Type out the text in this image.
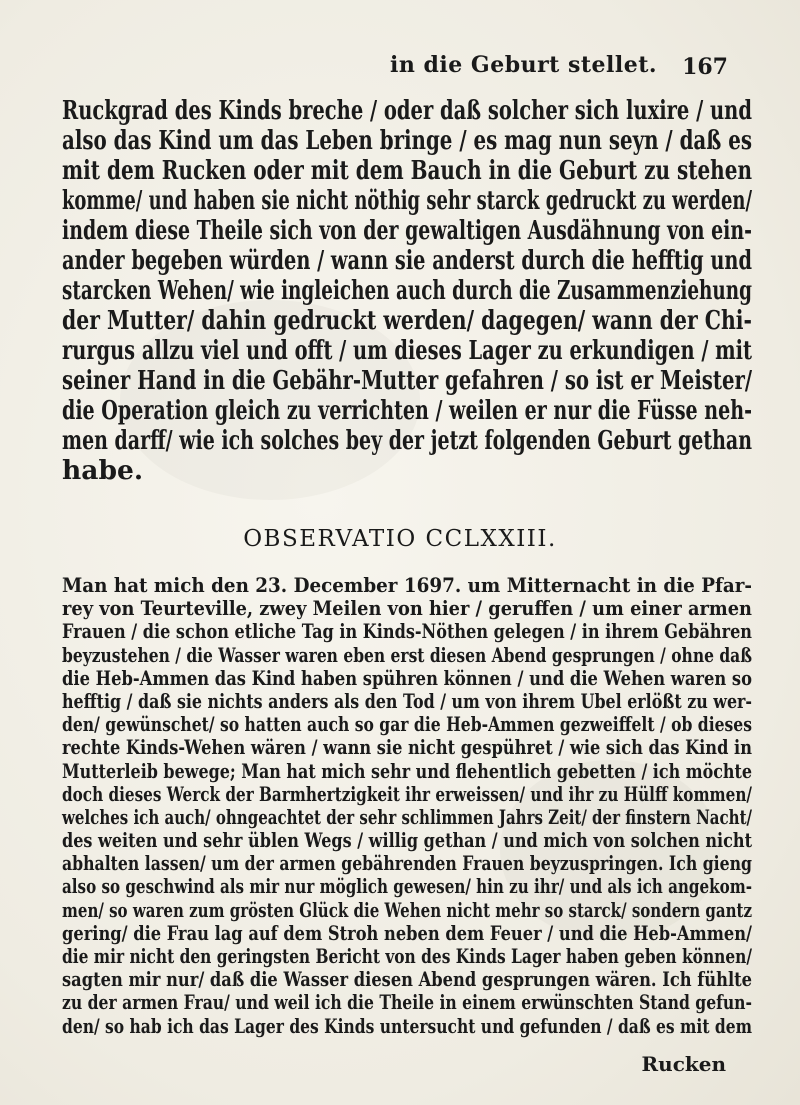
in die Geburt stellet. 167
Ruckgrad des Kinds breche / oder daß solcher sich luxire / und
also das Kind um das Leben bringe / es mag nun seyn / daß es
mit dem Rucken oder mit dem Bauch in die Geburt zu stehen
komme/ und haben sie nicht nöthig sehr starck gedruckt zu werden/
indem diese Theile sich von der gewaltigen Ausdähnung von ein-
ander begeben würden / wann sie anderst durch die hefftig und
starcken Wehen/ wie ingleichen auch durch die Zusammenziehung
der Mutter/ dahin gedruckt werden/ dagegen/ wann der Chi-
rurgus allzu viel und offt / um dieses Lager zu erkundigen / mit
seiner Hand in die Gebähr-Mutter gefahren / so ist er Meister/
die Operation gleich zu verrichten / weilen er nur die Füsse neh-
men darff/ wie ich solches bey der jetzt folgenden Geburt gethan
habe.
OBSERVATIO CCLXXIII.
Man hat mich den 23. December 1697. um Mitternacht in die Pfar-
rey von Teurteville, zwey Meilen von hier / geruffen / um einer armen
Frauen / die schon etliche Tag in Kinds-Nöthen gelegen / in ihrem Gebähren
beyzustehen / die Wasser waren eben erst diesen Abend gesprungen / ohne daß
die Heb-Ammen das Kind haben spühren können / und die Wehen waren so
hefftig / daß sie nichts anders als den Tod / um von ihrem Ubel erlößt zu wer-
den/ gewünschet/ so hatten auch so gar die Heb-Ammen gezweiffelt / ob dieses
rechte Kinds-Wehen wären / wann sie nicht gespühret / wie sich das Kind in
Mutterleib bewege; Man hat mich sehr und flehentlich gebetten / ich möchte
doch dieses Werck der Barmhertzigkeit ihr erweissen/ und ihr zu Hülff kommen/
welches ich auch/ ohngeachtet der sehr schlimmen Jahrs Zeit/ der finstern Nacht/
des weiten und sehr üblen Wegs / willig gethan / und mich von solchen nicht
abhalten lassen/ um der armen gebährenden Frauen beyzuspringen. Ich gieng
also so geschwind als mir nur möglich gewesen/ hin zu ihr/ und als ich angekom-
men/ so waren zum grösten Glück die Wehen nicht mehr so starck/ sondern gantz
gering/ die Frau lag auf dem Stroh neben dem Feuer / und die Heb-Ammen/
die mir nicht den geringsten Bericht von des Kinds Lager haben geben können/
sagten mir nur/ daß die Wasser diesen Abend gesprungen wären. Ich fühlte
zu der armen Frau/ und weil ich die Theile in einem erwünschten Stand gefun-
den/ so hab ich das Lager des Kinds untersucht und gefunden / daß es mit dem
Rucken
